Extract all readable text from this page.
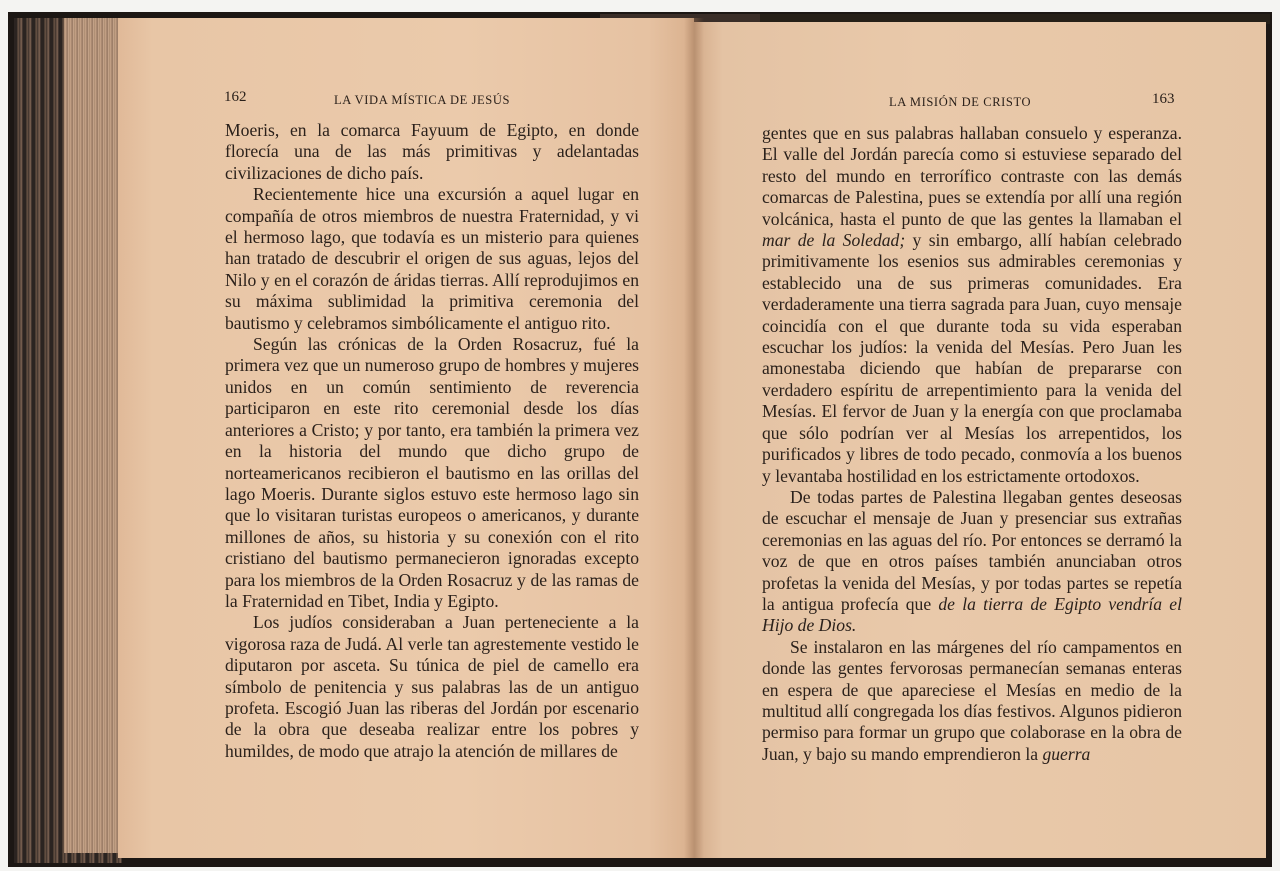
162	LA VIDA MÍSTICA DE JESÚS

Moeris, en la comarca Fayuum de Egipto, en donde florecía una de las más primitivas y adelantadas civilizaciones de dicho país.

Recientemente hice una excursión a aquel lugar en compañía de otros miembros de nuestra Fraternidad, y vi el hermoso lago, que todavía es un misterio para quienes han tratado de descubrir el origen de sus aguas, lejos del Nilo y en el corazón de áridas tierras. Allí reprodujimos en su máxima sublimidad la primitiva ceremonia del bautismo y celebramos simbólicamente el antiguo rito.

Según las crónicas de la Orden Rosacruz, fué la primera vez que un numeroso grupo de hombres y mujeres unidos en un común sentimiento de reverencia participaron en este rito ceremonial desde los días anteriores a Cristo; y por tanto, era también la primera vez en la historia del mundo que dicho grupo de norteamericanos recibieron el bautismo en las orillas del lago Moeris. Durante siglos estuvo este hermoso lago sin que lo visitaran turistas europeos o americanos, y durante millones de años, su historia y su conexión con el rito cristiano del bautismo permanecieron ignoradas excepto para los miembros de la Orden Rosacruz y de las ramas de la Fraternidad en Tibet, India y Egipto.

Los judíos consideraban a Juan perteneciente a la vigorosa raza de Judá. Al verle tan agrestemente vestido le diputaron por asceta. Su túnica de piel de camello era símbolo de penitencia y sus palabras las de un antiguo profeta. Escogió Juan las riberas del Jordán por escenario de la obra que deseaba realizar entre los pobres y humildes, de modo que atrajo la atención de millares de

LA MISIÓN DE CRISTO	163

gentes que en sus palabras hallaban consuelo y esperanza. El valle del Jordán parecía como si estuviese separado del resto del mundo en terrorífico contraste con las demás comarcas de Palestina, pues se extendía por allí una región volcánica, hasta el punto de que las gentes la llamaban el mar de la Soledad; y sin embargo, allí habían celebrado primitivamente los esenios sus admirables ceremonias y establecido una de sus primeras comunidades. Era verdaderamente una tierra sagrada para Juan, cuyo mensaje coincidía con el que durante toda su vida esperaban escuchar los judíos: la venida del Mesías. Pero Juan les amonestaba diciendo que habían de prepararse con verdadero espíritu de arrepentimiento para la venida del Mesías. El fervor de Juan y la energía con que proclamaba que sólo podrían ver al Mesías los arrepentidos, los purificados y libres de todo pecado, conmovía a los buenos y levantaba hostilidad en los estrictamente ortodoxos.

De todas partes de Palestina llegaban gentes deseosas de escuchar el mensaje de Juan y presenciar sus extrañas ceremonias en las aguas del río. Por entonces se derramó la voz de que en otros países también anunciaban otros profetas la venida del Mesías, y por todas partes se repetía la antigua profecía que de la tierra de Egipto vendría el Hijo de Dios.

Se instalaron en las márgenes del río campamentos en donde las gentes fervorosas permanecían semanas enteras en espera de que apareciese el Mesías en medio de la multitud allí congregada los días festivos. Algunos pidieron permiso para formar un grupo que colaborase en la obra de Juan, y bajo su mando emprendieron la guerra
